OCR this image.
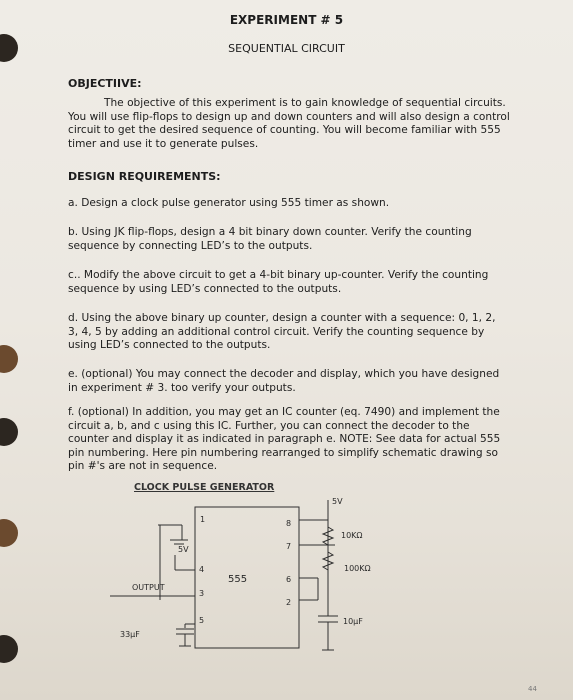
EXPERIMENT # 5
SEQUENTIAL CIRCUIT
OBJECTIIVE:
The objective of this experiment is to gain knowledge of sequential circuits. You will use flip-flops to design up and down counters and will also design a control circuit to get the desired sequence of counting. You will become familiar with 555 timer and use it to generate pulses.
DESIGN REQUIREMENTS:
a. Design a clock pulse generator using 555 timer as shown.
b. Using JK flip-flops, design a 4 bit binary down counter. Verify the counting sequence by connecting LED’s to the outputs.
c.. Modify the above circuit to get a 4-bit binary up-counter. Verify the counting sequence by using LED’s connected to the outputs.
d. Using the above binary up counter, design a counter with a sequence: 0, 1, 2, 3, 4, 5 by adding an additional control circuit. Verify the counting sequence by using LED’s connected to the outputs.
e. (optional) You may connect the decoder and display, which you have designed in experiment # 3. too verify your outputs.
f. (optional) In addition, you may get an IC counter (eq. 7490) and implement the circuit a, b, and c using this IC. Further, you can connect the decoder to the counter and display it as indicated in paragraph e. NOTE: See data for actual 555 pin numbering. Here pin numbering rearranged to simplify schematic drawing so pin #'s are not in sequence.
CLOCK PULSE GENERATOR
5V
5V
OUTPUT
10KΩ
100KΩ
10µF
33µF
555
1	8
7
4
6
3
2
5
44
